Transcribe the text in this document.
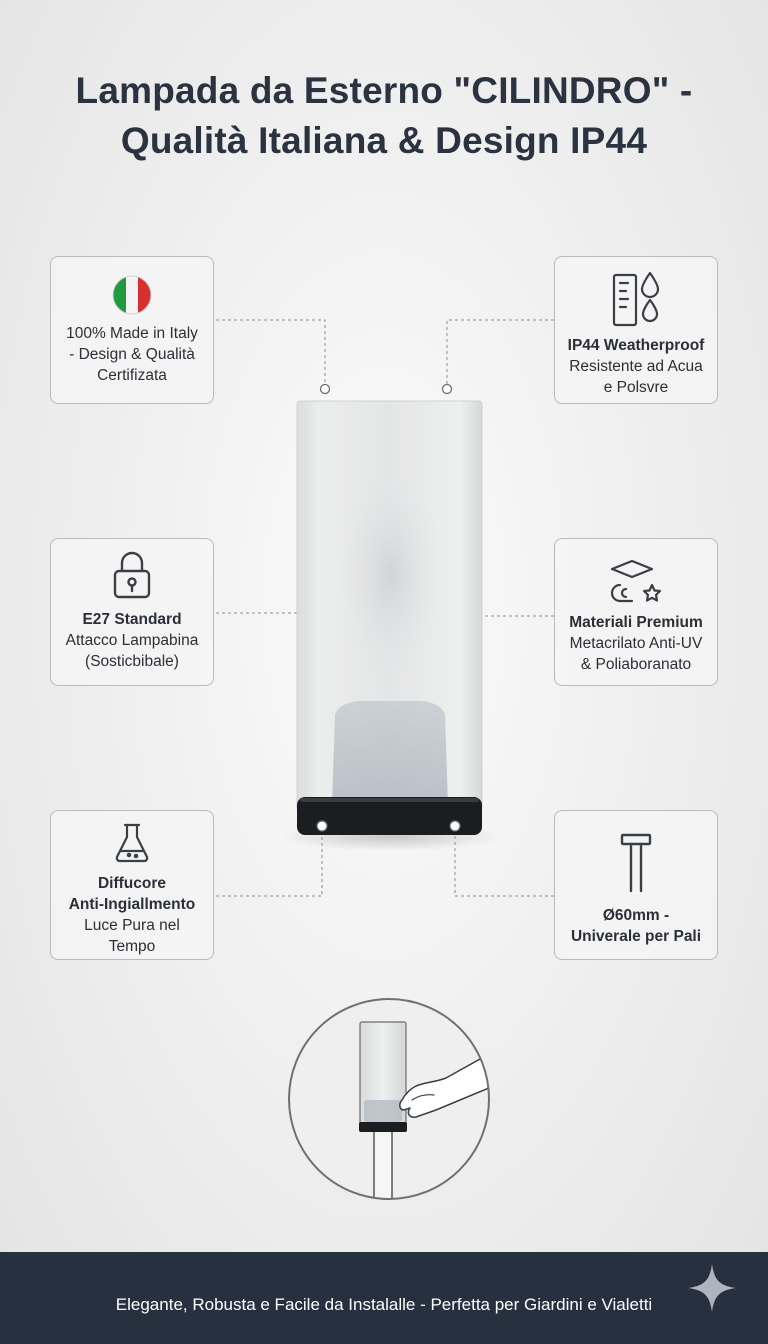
Lampada da Esterno "CILINDRO" -
Qualità Italiana & Design IP44
100% Made in Italy
- Design & Qualità
Certifizata
IP44 Weatherproof
Resistente ad Acua
e Polsvre
E27 Standard
Attacco Lampabina
(Sosticbibale)
Materiali Premium
Metacrilato Anti-UV
& Poliaboranato
Diffucore
Anti-Ingiallmento
Luce Pura nel
Tempo
Ø60mm -
Univerale per Pali
Elegante, Robusta e Facile da Instalalle - Perfetta per Giardini e Vialetti
